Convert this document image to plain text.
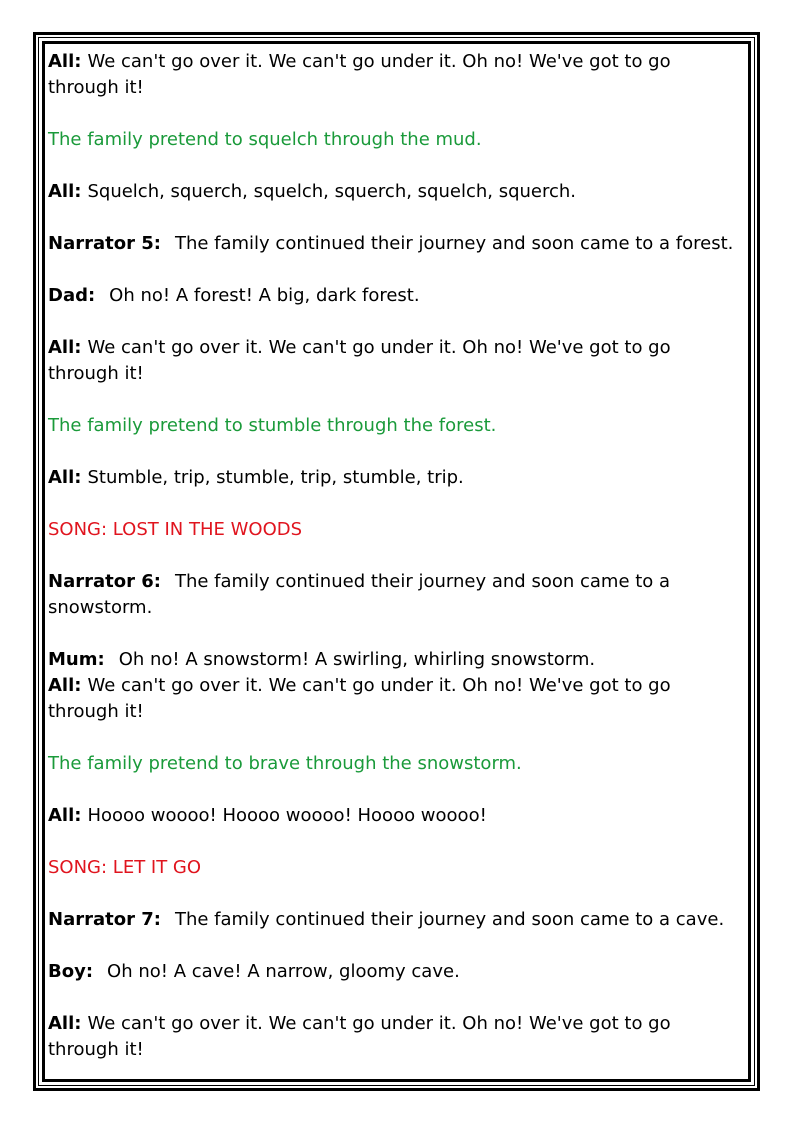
All: We can't go over it. We can't go under it. Oh no! We've got to go through it!

The family pretend to squelch through the mud.

All: Squelch, squerch, squelch, squerch, squelch, squerch.

Narrator 5: The family continued their journey and soon came to a forest.

Dad: Oh no! A forest! A big, dark forest.

All: We can't go over it. We can't go under it. Oh no! We've got to go through it!

The family pretend to stumble through the forest.

All: Stumble, trip, stumble, trip, stumble, trip.

SONG: LOST IN THE WOODS

Narrator 6: The family continued their journey and soon came to a snowstorm.

Mum: Oh no! A snowstorm! A swirling, whirling snowstorm.

All: We can't go over it. We can't go under it. Oh no! We've got to go through it!

The family pretend to brave through the snowstorm.

All: Hoooo woooo! Hoooo woooo! Hoooo woooo!

SONG: LET IT GO

Narrator 7: The family continued their journey and soon came to a cave.

Boy: Oh no! A cave! A narrow, gloomy cave.

All: We can't go over it. We can't go under it. Oh no! We've got to go through it!
